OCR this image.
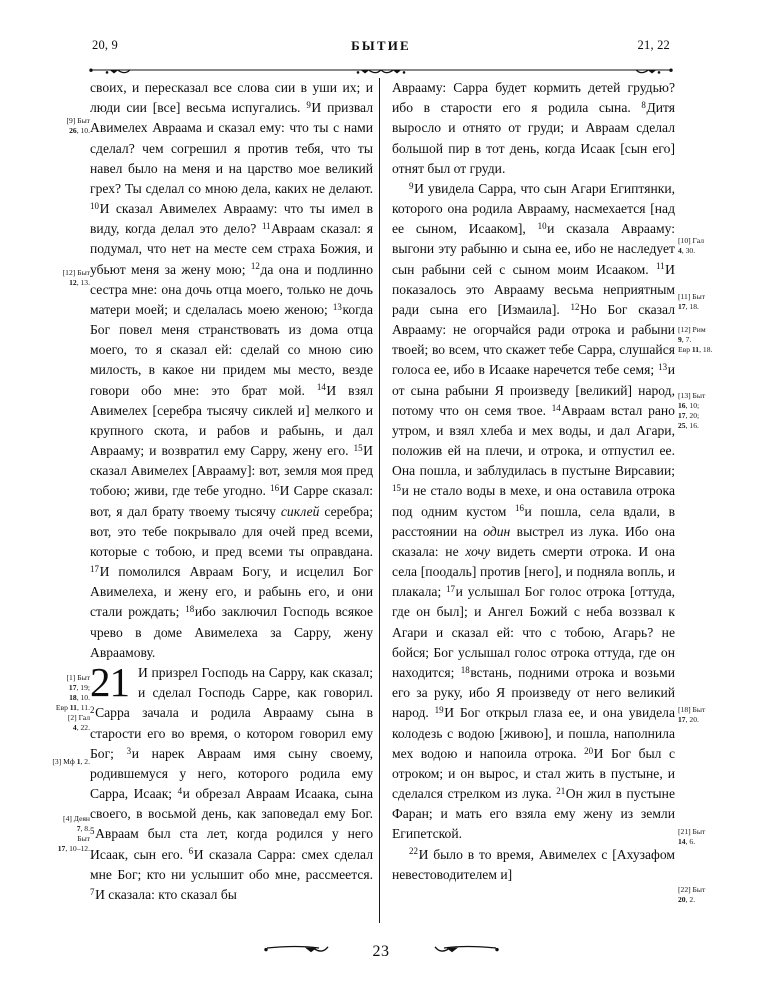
20, 9	БЫТИЕ	21, 22

своих, и пересказал все слова сии в уши их; и люди сии [все] весьма испугались. $^9$И призвал Авимелех Авраама и сказал ему: что ты с нами сделал? чем согрешил я против тебя, что ты навел было на меня и на царство мое великий грех? Ты сделал со мною дела, каких не делают. $^{10}$И сказал Авимелех Аврааму: что ты имел в виду, когда делал это дело? $^{11}$Авраам сказал: я подумал, что нет на месте сем страха Божия, и убьют меня за жену мою; $^{12}$да она и подлинно сестра мне: она дочь отца моего, только не дочь матери моей; и сделалась моею женою; $^{13}$когда Бог повел меня странствовать из дома отца моего, то я сказал ей: сделай со мною сию милость, в какое ни придем мы место, везде говори обо мне: это брат мой. $^{14}$И взял Авимелех [серебра тысячу сиклей и] мелкого и крупного скота, и рабов и рабынь, и дал Аврааму; и возвратил ему Сарру, жену его. $^{15}$И сказал Авимелех [Аврааму]: вот, земля моя пред тобою; живи, где тебе угодно. $^{16}$И Сарре сказал: вот, я дал брату твоему тысячу сиклей серебра; вот, это тебе покрывало для очей пред всеми, которые с тобою, и пред всеми ты оправдана. $^{17}$И помолился Авраам Богу, и исцелил Бог Авимелеха, и жену его, и рабынь его, и они стали рождать; $^{18}$ибо заключил Господь всякое чрево в доме Авимелеха за Сарру, жену Авраамову.

21 И призрел Господь на Сарру, как сказал; и сделал Господь Сарре, как говорил. $^2$Сарра зачала и родила Аврааму сына в старости его во время, о котором говорил ему Бог; $^3$и нарек Авраам имя сыну своему, родившемуся у него, которого родила ему Сарра, Исаак; $^4$и обрезал Авраам Исаака, сына своего, в восьмой день, как заповедал ему Бог. $^5$Авраам был ста лет, когда родился у него Исаак, сын его. $^6$И сказала Сарра: смех сделал мне Бог; кто ни услышит обо мне, рассмеется. $^7$И сказала: кто сказал бы

Аврааму: Сарра будет кормить детей грудью? ибо в старости его я родила сына. $^8$Дитя выросло и отнято от груди; и Авраам сделал большой пир в тот день, когда Исаак [сын его] отнят был от груди.

$^9$И увидела Сарра, что сын Агари Египтянки, которого она родила Аврааму, насмехается [над ее сыном, Исааком], $^{10}$и сказала Аврааму: выгони эту рабыню и сына ее, ибо не наследует сын рабыни сей с сыном моим Исааком. $^{11}$И показалось это Аврааму весьма неприятным ради сына его [Измаила]. $^{12}$Но Бог сказал Аврааму: не огорчайся ради отрока и рабыни твоей; во всем, что скажет тебе Сарра, слушайся голоса ее, ибо в Исааке наречется тебе семя; $^{13}$и от сына рабыни Я произведу [великий] народ, потому что он семя твое. $^{14}$Авраам встал рано утром, и взял хлеба и мех воды, и дал Агари, положив ей на плечи, и отрока, и отпустил ее. Она пошла, и заблудилась в пустыне Вирсавии; $^{15}$и не стало воды в мехе, и она оставила отрока под одним кустом $^{16}$и пошла, села вдали, в расстоянии на один выстрел из лука. Ибо она сказала: не хочу видеть смерти отрока. И она села [поодаль] против [него], и подняла вопль, и плакала; $^{17}$и услышал Бог голос отрока [оттуда, где он был]; и Ангел Божий с неба воззвал к Агари и сказал ей: что с тобою, Агарь? не бойся; Бог услышал голос отрока оттуда, где он находится; $^{18}$встань, подними отрока и возьми его за руку, ибо Я произведу от него великий народ. $^{19}$И Бог открыл глаза ее, и она увидела колодезь с водою [живою], и пошла, наполнила мех водою и напоила отрока. $^{20}$И Бог был с отроком; и он вырос, и стал жить в пустыне, и сделался стрелком из лука. $^{21}$Он жил в пустыне Фаран; и мать его взяла ему жену из земли Египетской.

$^{22}$И было в то время, Авимелех с [Ахузафом невестоводителем и]

[9] Быт
26, 10.
[12] Быт
12, 13.
[1] Быт
17, 19;
18, 10.
Евр 11, 11.
[2] Гал
4, 22.
[3] Мф 1, 2.
[4] Деян
7, 8.
Быт
17, 10–12.
[10] Гал
4, 30.
[11] Быт
17, 18.
[12] Рим
9, 7.
Евр 11, 18.
[13] Быт
16, 10;
17, 20;
25, 16.
[18] Быт
17, 20.
[21] Быт
14, 6.
[22] Быт
20, 2.
23
